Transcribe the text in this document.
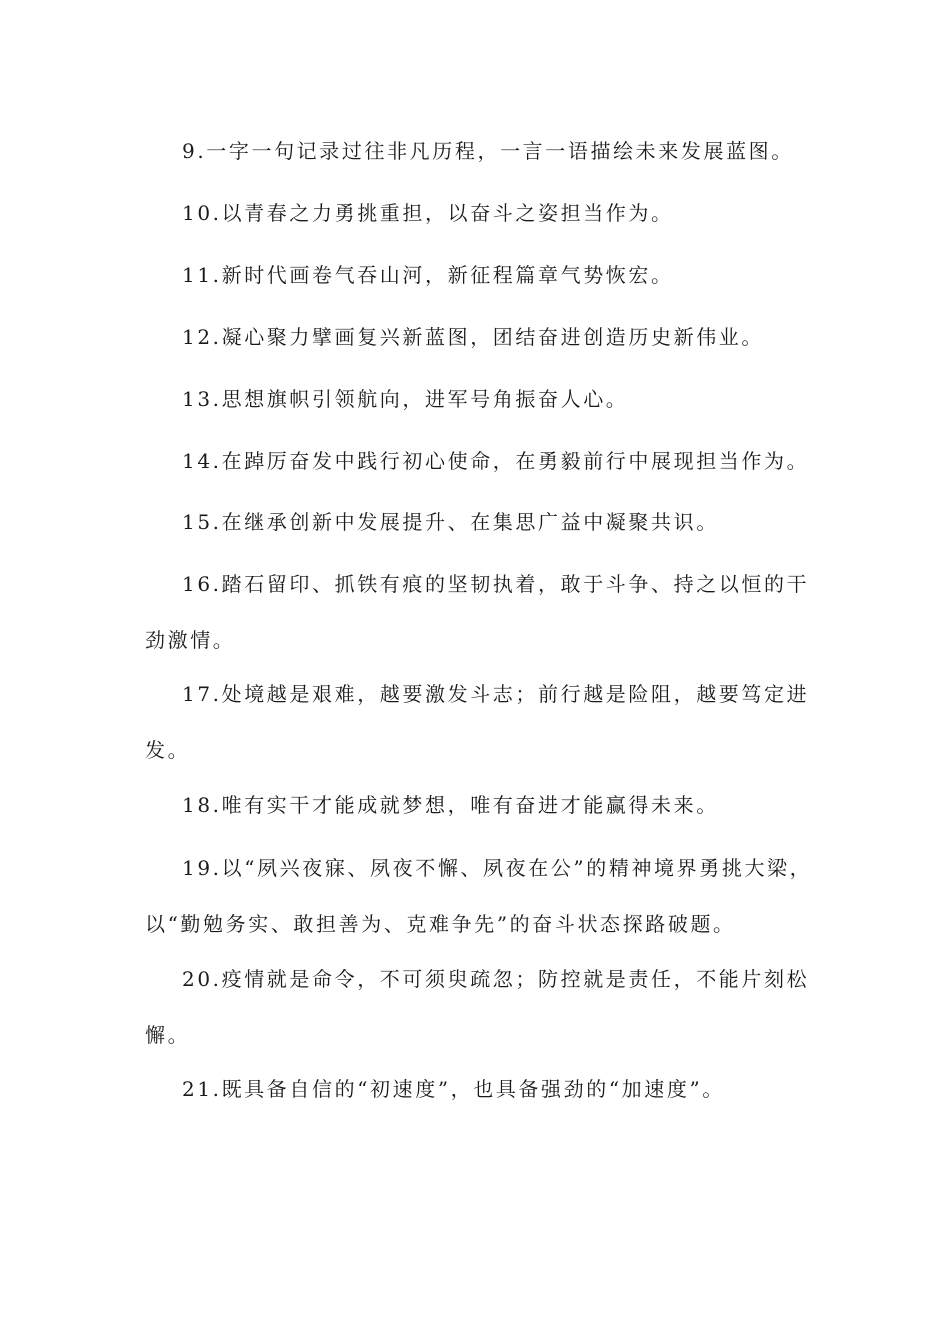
9.一字一句记录过往非凡历程，一言一语描绘未来发展蓝图。

10.以青春之力勇挑重担，以奋斗之姿担当作为。

11.新时代画卷气吞山河，新征程篇章气势恢宏。

12.凝心聚力擘画复兴新蓝图，团结奋进创造历史新伟业。

13.思想旗帜引领航向，进军号角振奋人心。

14.在踔厉奋发中践行初心使命，在勇毅前行中展现担当作为。

15.在继承创新中发展提升、在集思广益中凝聚共识。

16.踏石留印、抓铁有痕的坚韧执着，敢于斗争、持之以恒的干劲激情。

17.处境越是艰难，越要激发斗志；前行越是险阻，越要笃定进发。

18.唯有实干才能成就梦想，唯有奋进才能赢得未来。

19.以“夙兴夜寐、夙夜不懈、夙夜在公”的精神境界勇挑大梁，以“勤勉务实、敢担善为、克难争先”的奋斗状态探路破题。

20.疫情就是命令，不可须臾疏忽；防控就是责任，不能片刻松懈。

21.既具备自信的“初速度”，也具备强劲的“加速度”。
